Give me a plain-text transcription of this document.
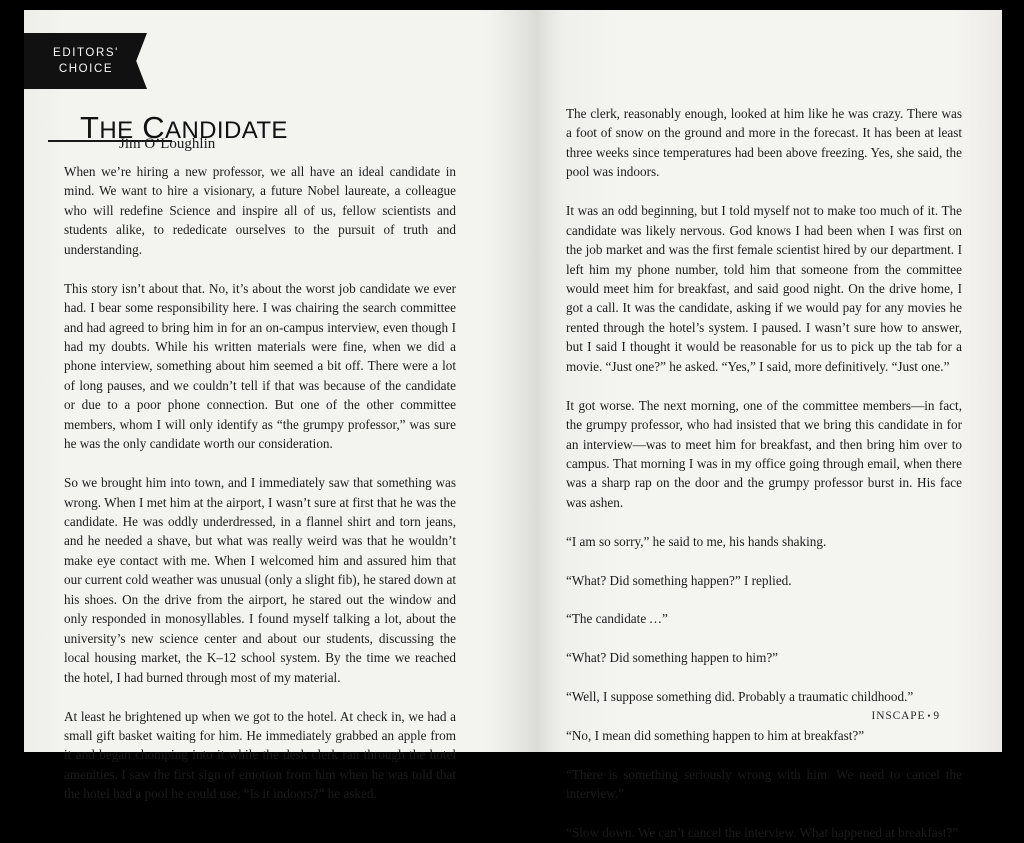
EDITORS'
CHOICE
THE CANDIDATE
Jim O’Loughlin

When we’re hiring a new professor, we all have an ideal candidate in mind. We want to hire a visionary, a future Nobel laureate, a colleague who will redefine Science and inspire all of us, fellow scientists and students alike, to rededicate ourselves to the pursuit of truth and understanding.

This story isn’t about that. No, it’s about the worst job candidate we ever had. I bear some responsibility here. I was chairing the search committee and had agreed to bring him in for an on-campus interview, even though I had my doubts. While his written materials were fine, when we did a phone interview, something about him seemed a bit off. There were a lot of long pauses, and we couldn’t tell if that was because of the candidate or due to a poor phone connection. But one of the other committee members, whom I will only identify as “the grumpy professor,” was sure he was the only candidate worth our consideration.

So we brought him into town, and I immediately saw that something was wrong. When I met him at the airport, I wasn’t sure at first that he was the candidate. He was oddly underdressed, in a flannel shirt and torn jeans, and he needed a shave, but what was really weird was that he wouldn’t make eye contact with me. When I welcomed him and assured him that our current cold weather was unusual (only a slight fib), he stared down at his shoes. On the drive from the airport, he stared out the window and only responded in monosyllables. I found myself talking a lot, about the university’s new science center and about our students, discussing the local housing market, the K–12 school system. By the time we reached the hotel, I had burned through most of my material.

At least he brightened up when we got to the hotel. At check in, we had a small gift basket waiting for him. He immediately grabbed an apple from it and began chomping into it while the desk clerk ran through the hotel amenities. I saw the first sign of emotion from him when he was told that the hotel had a pool he could use. “Is it indoors?” he asked.

The clerk, reasonably enough, looked at him like he was crazy. There was a foot of snow on the ground and more in the forecast. It has been at least three weeks since temperatures had been above freezing. Yes, she said, the pool was indoors.

It was an odd beginning, but I told myself not to make too much of it. The candidate was likely nervous. God knows I had been when I was first on the job market and was the first female scientist hired by our department. I left him my phone number, told him that someone from the committee would meet him for breakfast, and said good night. On the drive home, I got a call. It was the candidate, asking if we would pay for any movies he rented through the hotel’s system. I paused. I wasn’t sure how to answer, but I said I thought it would be reasonable for us to pick up the tab for a movie. “Just one?” he asked. “Yes,” I said, more definitively. “Just one.”

It got worse. The next morning, one of the committee members—in fact, the grumpy professor, who had insisted that we bring this candidate in for an interview—was to meet him for breakfast, and then bring him over to campus. That morning I was in my office going through email, when there was a sharp rap on the door and the grumpy professor burst in. His face was ashen.

“I am so sorry,” he said to me, his hands shaking.

“What? Did something happen?” I replied.

“The candidate …”

“What? Did something happen to him?”

“Well, I suppose something did. Probably a traumatic childhood.”

“No, I mean did something happen to him at breakfast?”

“There is something seriously wrong with him. We need to cancel the interview.”

“Slow down. We can’t cancel the interview. What happened at breakfast?”

INSCAPE • 9
